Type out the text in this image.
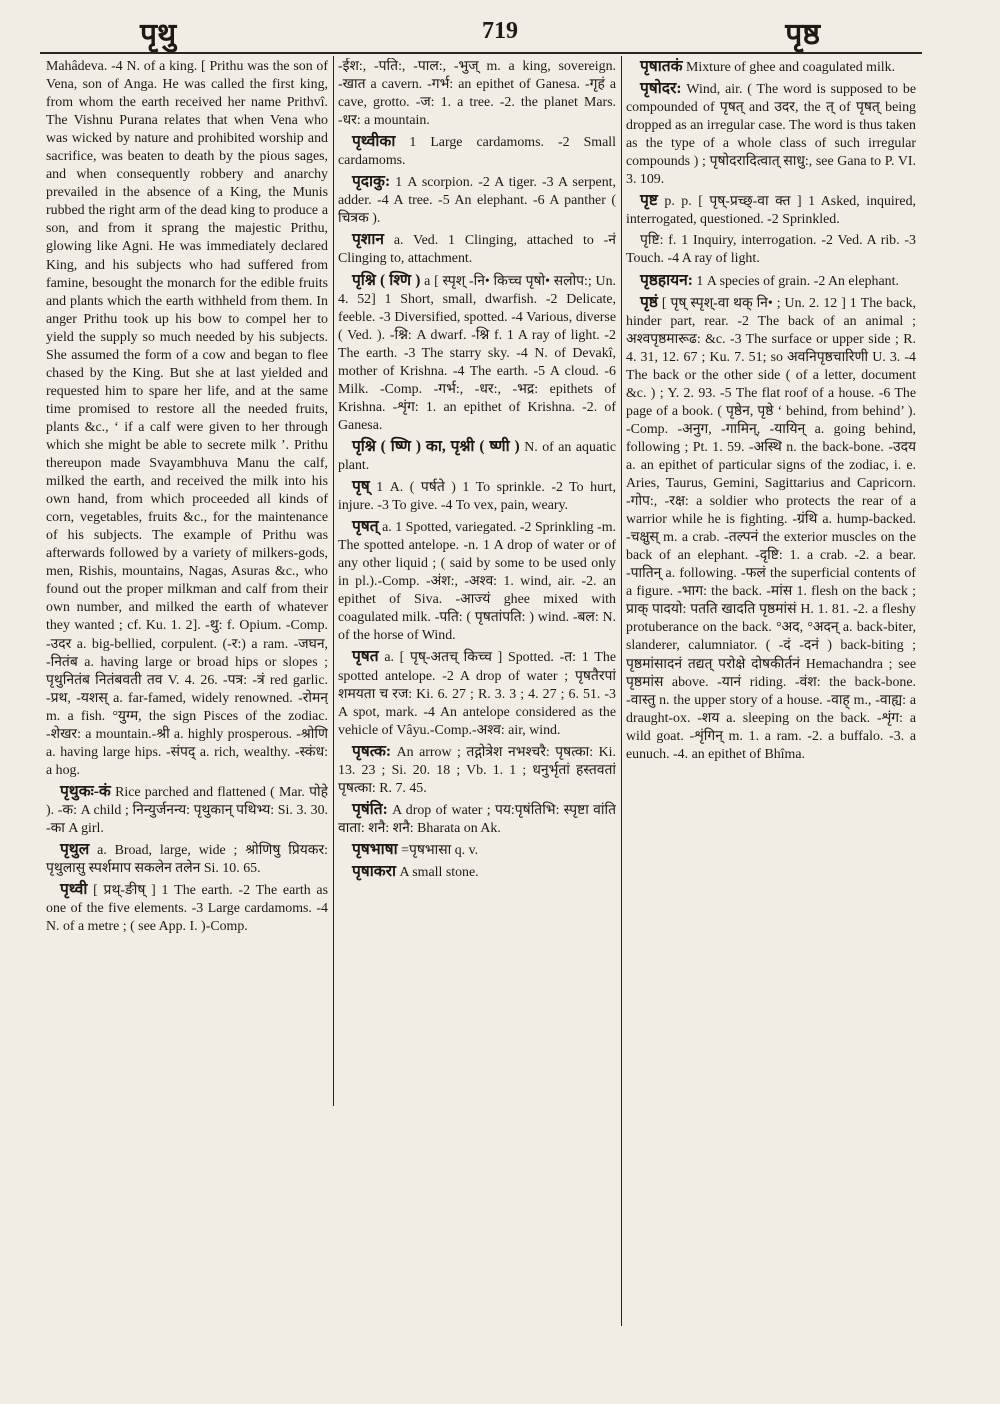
पृथु	719	पृष्ठ

Mahâdeva. -4 N. of a king. [ Prithu was the son of Vena, son of Anga. He was called the first king, from whom the earth received her name Prithvî. The Vishnu Purana relates that when Vena who was wicked by nature and prohibited worship and sacrifice, was beaten to death by the pious sages, and when consequently robbery and anarchy prevailed in the absence of a King, the Munis rubbed the right arm of the dead king to produce a son, and from it sprang the majestic Prithu, glowing like Agni. He was immediately declared King, and his subjects who had suffered from famine, besought the monarch for the edible fruits and plants which the earth withheld from them. In anger Prithu took up his bow to compel her to yield the supply so much needed by his subjects. She assumed the form of a cow and began to flee chased by the King. But she at last yielded and requested him to spare her life, and at the same time promised to restore all the needed fruits, plants &c., ‘ if a calf were given to her through which she might be able to secrete milk ’. Prithu thereupon made Svayambhuva Manu the calf, milked the earth, and received the milk into his own hand, from which proceeded all kinds of corn, vegetables, fruits &c., for the maintenance of his subjects. The example of Prithu was afterwards followed by a variety of milkers-gods, men, Rishis, mountains, Nagas, Asuras &c., who found out the proper milkman and calf from their own number, and milked the earth of whatever they wanted ; cf. Ku. 1. 2]. -थु: f. Opium. -Comp. -उदर a. big-bellied, corpulent. (-र:) a ram. -जघन, -नितंब a. having large or broad hips or slopes ; पृथुनितंब नितंबवती तव V. 4. 26. -पत्र: -त्रं red garlic. -प्रथ, -यशस् a. far-famed, widely renowned. -रोमन् m. a fish. °युग्म, the sign Pisces of the zodiac. -शेखर: a mountain.-श्री a. highly prosperous. -श्रोणि a. having large hips. -संपद् a. rich, wealthy. -स्कंध: a hog.

पृथुकः-कं Rice parched and flattened ( Mar. पोहे ). -क: A child ; निन्युर्जनन्य: पृथुकान् पथिभ्य: Si. 3. 30. -का A girl.

पृथुल a. Broad, large, wide ; श्रोणिषु प्रियकर: पृथुलासु स्पर्शमाप सकलेन तलेन Si. 10. 65.

पृथ्वी [ प्रथ्-ङीष् ] 1 The earth. -2 The earth as one of the five elements. -3 Large cardamoms. -4 N. of a metre ; ( see App. I. )-Comp.

-ईश:, -पति:, -पाल:, -भुज् m. a king, sovereign. -खात a cavern. -गर्भ: an epithet of Ganesa. -गृहं a cave, grotto. -ज: 1. a tree. -2. the planet Mars. -धर: a mountain.

पृथ्वीका 1 Large cardamoms. -2 Small cardamoms.

पृदाकु: 1 A scorpion. -2 A tiger. -3 A serpent, adder. -4 A tree. -5 An elephant. -6 A panther ( चित्रक ).

पृशान a. Ved. 1 Clinging, attached to -नं Clinging to, attachment.

पृश्नि ( श्णि ) a [ स्पृश् -नि• किच्च पृषो• सलोप:; Un. 4. 52] 1 Short, small, dwarfish. -2 Delicate, feeble. -3 Diversified, spotted. -4 Various, diverse ( Ved. ). -श्नि: A dwarf. -श्नि f. 1 A ray of light. -2 The earth. -3 The starry sky. -4 N. of Devakî, mother of Krishna. -4 The earth. -5 A cloud. -6 Milk. -Comp. -गर्भ:, -धर:, -भद्र: epithets of Krishna. -शृंग: 1. an epithet of Krishna. -2. of Ganesa.

पृश्नि ( ष्णि ) का, पृश्नी ( ष्णी ) N. of an aquatic plant.

पृष् 1 A. ( पर्षते ) 1 To sprinkle. -2 To hurt, injure. -3 To give. -4 To vex, pain, weary.

पृषत् a. 1 Spotted, variegated. -2 Sprinkling -m. The spotted antelope. -n. 1 A drop of water or of any other liquid ; ( said by some to be used only in pl.).-Comp. -अंश:, -अश्व: 1. wind, air. -2. an epithet of Siva. -आज्यं ghee mixed with coagulated milk. -पति: ( पृषतांपति: ) wind. -बल: N. of the horse of Wind.

पृषत a. [ पृष्-अतच् किच्च ] Spotted. -त: 1 The spotted antelope. -2 A drop of water ; पृषतैरपां शमयता च रज: Ki. 6. 27 ; R. 3. 3 ; 4. 27 ; 6. 51. -3 A spot, mark. -4 An antelope considered as the vehicle of Vâyu.-Comp.-अश्व: air, wind.

पृषत्क: An arrow ; तद्गोत्रेश नभश्चरै: पृषत्का: Ki. 13. 23 ; Si. 20. 18 ; Vb. 1. 1 ; धनुर्भृतां हस्तवतां पृषत्का: R. 7. 45.

पृषंति: A drop of water ; पय:पृषंतिभि: स्पृष्टा वांति वाता: शनै: शनै: Bharata on Ak.

पृषभाषा =पृषभासा q. v.

पृषाकरा A small stone.

पृषातकं Mixture of ghee and coagulated milk.

पृषोदर: Wind, air. ( The word is supposed to be compounded of पृषत् and उदर, the त् of पृषत् being dropped as an irregular case. The word is thus taken as the type of a whole class of such irregular compounds ) ; पृषोदरादित्वात् साधु:, see Gana to P. VI. 3. 109.

पृष्ट p. p. [ पृष्-प्रच्छ्-वा क्त ] 1 Asked, inquired, interrogated, questioned. -2 Sprinkled.

पृष्टि: f. 1 Inquiry, interrogation. -2 Ved. A rib. -3 Touch. -4 A ray of light.

पृष्ठहायन: 1 A species of grain. -2 An elephant.

पृष्ठं [ पृष् स्पृश्-वा थक् नि• ; Un. 2. 12 ] 1 The back, hinder part, rear. -2 The back of an animal ; अश्वपृष्ठमारूढ: &c. -3 The surface or upper side ; R. 4. 31, 12. 67 ; Ku. 7. 51; so अवनिपृष्ठचारिणी U. 3. -4 The back or the other side ( of a letter, document &c. ) ; Y. 2. 93. -5 The flat roof of a house. -6 The page of a book. ( पृष्ठेन, पृष्ठे ‘ behind, from behind’ ). -Comp. -अनुग, -गामिन्, -यायिन् a. going behind, following ; Pt. 1. 59. -अस्थि n. the back-bone. -उदय a. an epithet of particular signs of the zodiac, i. e. Aries, Taurus, Gemini, Sagittarius and Capricorn. -गोप:, -रक्ष: a soldier who protects the rear of a warrior while he is fighting. -ग्रंथि a. hump-backed. -चक्षुस् m. a crab. -तल्पनं the exterior muscles on the back of an elephant. -दृष्टि: 1. a crab. -2. a bear. -पातिन् a. following. -फलं the superficial contents of a figure. -भाग: the back. -मांस 1. flesh on the back ; प्राक् पादयो: पतति खादति पृष्ठमांसं H. 1. 81. -2. a fleshy protuberance on the back. °अद, °अदन् a. back-biter, slanderer, calumniator. ( -दं -दनं ) back-biting ; पृष्ठमांसादनं तद्यत् परोक्षे दोषकीर्तनं Hemachandra ; see पृष्ठमांस above. -यानं riding. -वंश: the back-bone. -वास्तु n. the upper story of a house. -वाह् m., -वाह्य: a draught-ox. -शय a. sleeping on the back. -शृंग: a wild goat. -शृंगिन् m. 1. a ram. -2. a buffalo. -3. a eunuch. -4. an epithet of Bhîma.
